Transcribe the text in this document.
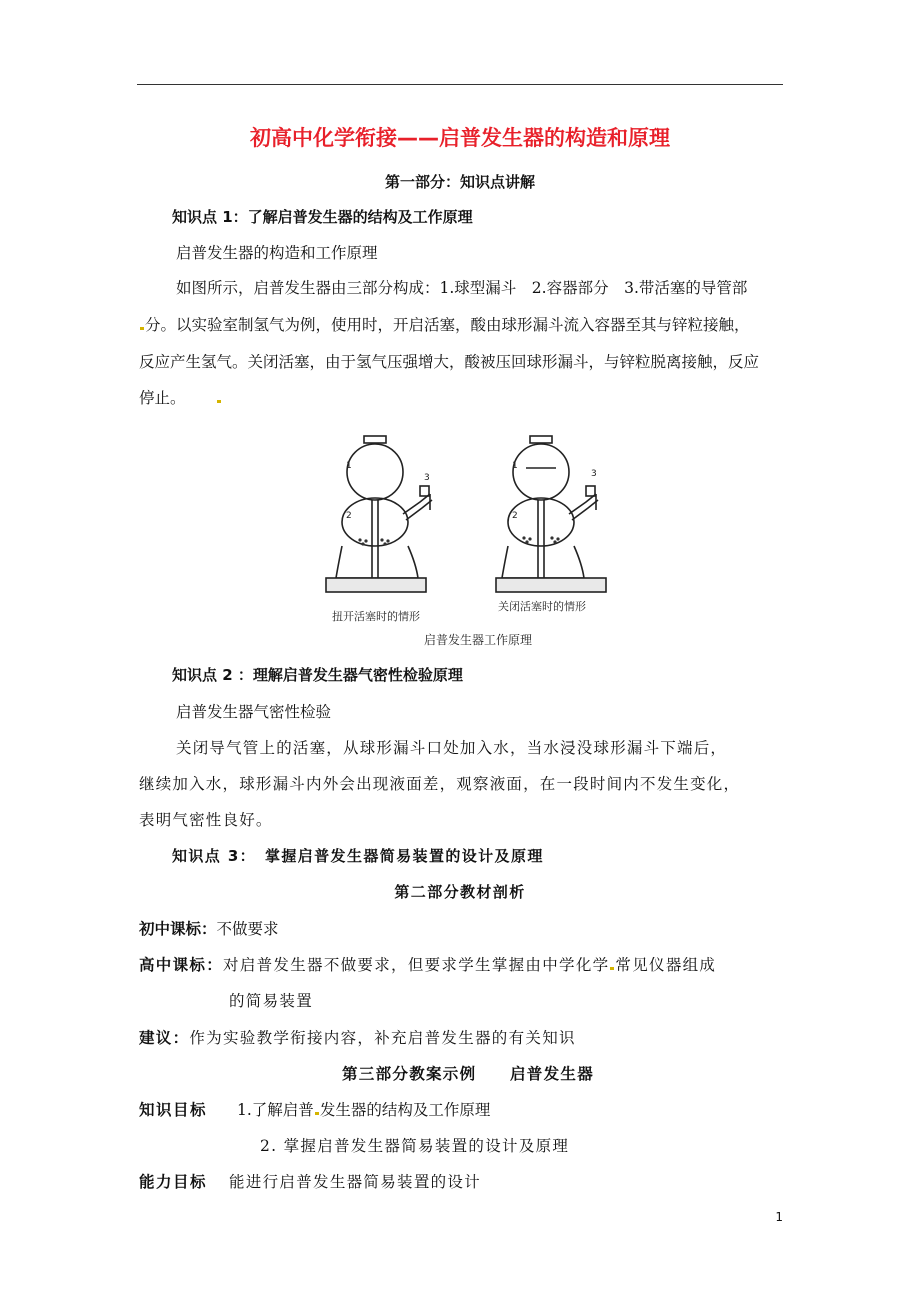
初高中化学衔接——启普发生器的构造和原理
第一部分：知识点讲解
知识点 1：了解启普发生器的结构及工作原理
启普发生器的构造和工作原理
如图所示，启普发生器由三部分构成：1.球型漏斗　2.容器部分　3.带活塞的导管部
分。以实验室制氢气为例，使用时，开启活塞，酸由球形漏斗流入容器至其与锌粒接触，
反应产生氢气。关闭活塞，由于氢气压强增大，酸被压回球形漏斗，与锌粒脱离接触，反应
停止。
1
2
3
1
2
3
扭开活塞时的情形
关闭活塞时的情形
启普发生器工作原理
知识点 2 ：理解启普发生器气密性检验原理
启普发生器气密性检验
关闭导气管上的活塞，从球形漏斗口处加入水，当水浸没球形漏斗下端后，
继续加入水，球形漏斗内外会出现液面差，观察液面，在一段时间内不发生变化，
表明气密性良好。
知识点 3：　掌握启普发生器简易装置的设计及原理
第二部分教材剖析
初中课标：不做要求
高中课标：对启普发生器不做要求，但要求学生掌握由中学化学 常见仪器组成
的简易装置
建议：作为实验教学衔接内容，补充启普发生器的有关知识
第三部分教案示例　　启普发生器
知识目标 1.了解启普 发生器的结构及工作原理
2. 掌握启普发生器简易装置的设计及原理
能力目标 能进行启普发生器简易装置的设计
1
